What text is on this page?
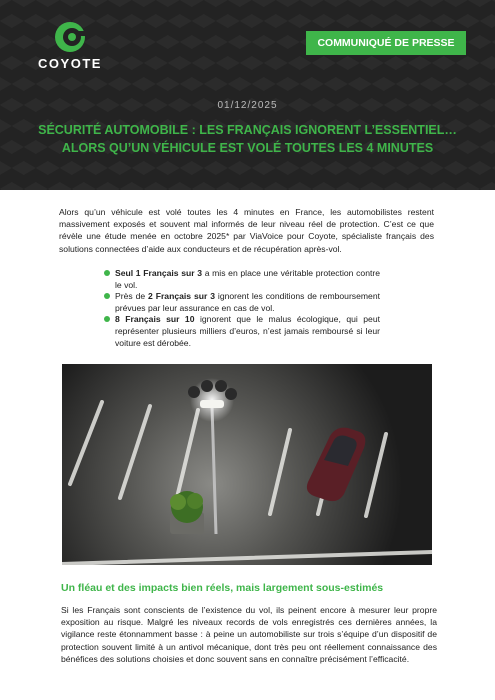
COYOTE
COMMUNIQUÉ DE PRESSE
01/12/2025
SÉCURITÉ AUTOMOBILE : LES FRANÇAIS IGNORENT L’ESSENTIEL…
ALORS QU’UN VÉHICULE EST VOLÉ TOUTES LES 4 MINUTES

Alors qu’un véhicule est volé toutes les 4 minutes en France, les automobilistes restent massivement exposés et souvent mal informés de leur niveau réel de protection. C’est ce que révèle une étude menée en octobre 2025* par ViaVoice pour Coyote, spécialiste français des solutions connectées d’aide aux conducteurs et de récupération après-vol.

Seul 1 Français sur 3 a mis en place une véritable protection contre le vol.
Près de 2 Français sur 3 ignorent les conditions de remboursement prévues par leur assurance en cas de vol.
8 Français sur 10 ignorent que le malus écologique, qui peut représenter plusieurs milliers d’euros, n’est jamais remboursé si leur voiture est dérobée.
Un fléau et des impacts bien réels, mais largement sous-estimés

Si les Français sont conscients de l’existence du vol, ils peinent encore à mesurer leur propre exposition au risque. Malgré les niveaux records de vols enregistrés ces dernières années, la vigilance reste étonnamment basse : à peine un automobiliste sur trois s’équipe d’un dispositif de protection souvent limité à un antivol mécanique, dont très peu ont réellement connaissance des bénéfices des solutions choisies et donc souvent sans en connaître précisément l’efficacité.
